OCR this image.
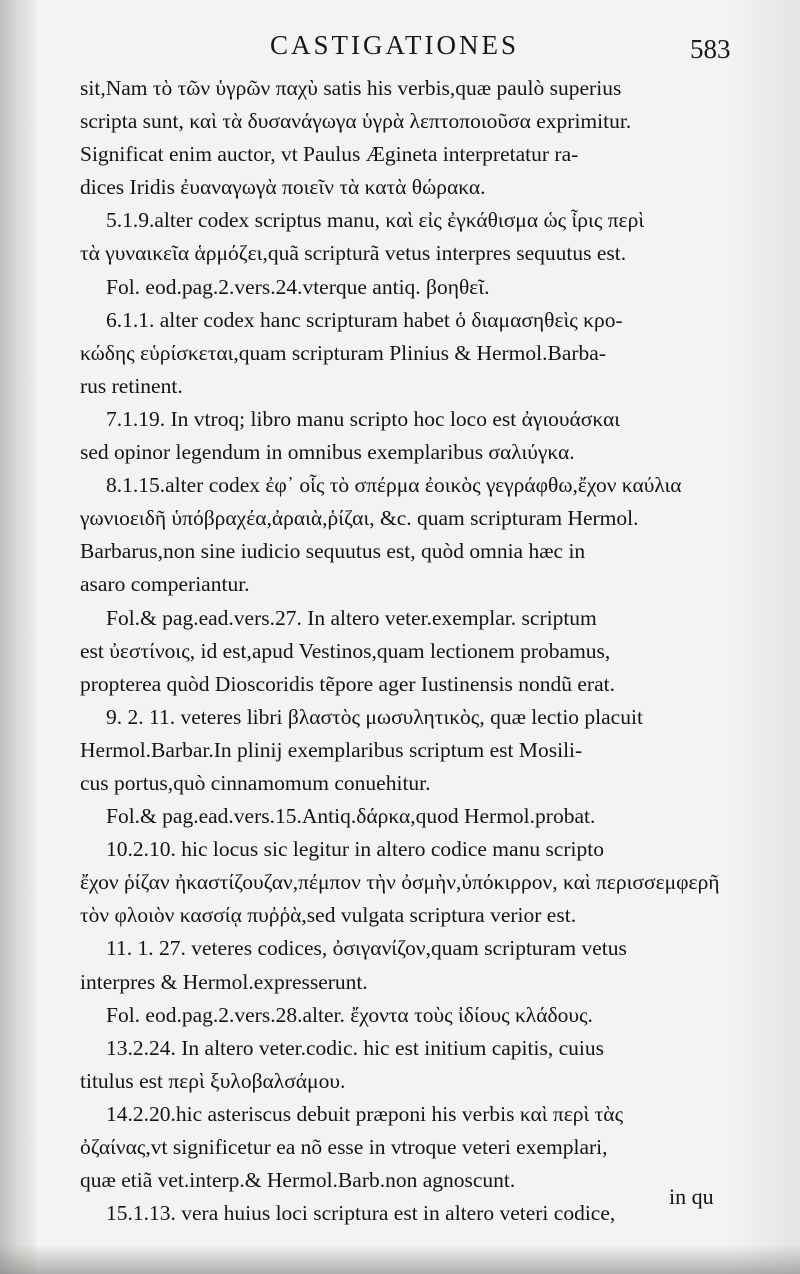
CASTIGATIONES	583
sit,Nam τὸ τῶν ὑγρῶν παχὺ satis his verbis,quæ paulò superius
scripta sunt, καὶ τὰ δυσανάγωγα ὑγρὰ λεπτοποιοῦσα exprimitur.
Significat enim auctor, vt Paulus Ægineta interpretatur ra-
dices Iridis ἐυαναγωγὰ ποιεῖν τὰ κατὰ θώρακα.
5.1.9.alter codex scriptus manu, καὶ εἰς ἐγκάθισμα ὡς ἶρις περὶ
τὰ γυναικεῖα ἁρμόζει,quã scripturã vetus interpres sequutus est.
Fol. eod.pag.2.vers.24.vterque antiq. βοηθεῖ.
6.1.1. alter codex hanc scripturam habet ὁ διαμασηθεὶς κρο-
κώδης εὑρίσκεται,quam scripturam Plinius & Hermol.Barba-
rus retinent.
7.1.19. In vtroq; libro manu scripto hoc loco est ἀγιουάσκαι
sed opinor legendum in omnibus exemplaribus σαλιύγκα.
8.1.15.alter codex ἐφ᾿ οἷς τὸ σπέρμα ἐοικὸς γεγράφθω,ἔχον καύλια
γωνιοειδῆ ὑπόβραχέα,ἀραιὰ,ῥίζαι, &c. quam scripturam Hermol.
Barbarus,non sine iudicio sequutus est, quòd omnia hæc in
asaro comperiantur.
Fol.& pag.ead.vers.27. In altero veter.exemplar. scriptum
est ὐεστίνοις, id est,apud Vestinos,quam lectionem probamus,
propterea quòd Dioscoridis tẽpore ager Iustinensis nondũ erat.
9. 2. 11. veteres libri βλαστὸς μωσυλητικὸς, quæ lectio placuit
Hermol.Barbar.In plinij exemplaribus scriptum est Mosili-
cus portus,quò cinnamomum conuehitur.
Fol.& pag.ead.vers.15.Antiq.δάρκα,quod Hermol.probat.
10.2.10. hic locus sic legitur in altero codice manu scripto
ἔχον ῥίζαν ἠκαστίζουζαν,πέμπον τὴν ὀσμὴν,ὑπόκιρρον, καὶ περισσεμφερῆ
τὸν φλοιὸν κασσίᾳ πυῤῥὰ,sed vulgata scriptura verior est.
11. 1. 27. veteres codices, ὀσιγανίζον,quam scripturam vetus
interpres & Hermol.expresserunt.
Fol. eod.pag.2.vers.28.alter. ἔχοντα τοὺς ἰδίους κλάδους.
13.2.24. In altero veter.codic. hic est initium capitis, cuius
titulus est περὶ ξυλοβαλσάμου.
14.2.20.hic asteriscus debuit præponi his verbis καὶ περὶ τὰς
ὀζαίνας,vt significetur ea nõ esse in vtroque veteri exemplari,
quæ etiã vet.interp.& Hermol.Barb.non agnoscunt.
15.1.13. vera huius loci scriptura est in altero veteri codice,
in qu
